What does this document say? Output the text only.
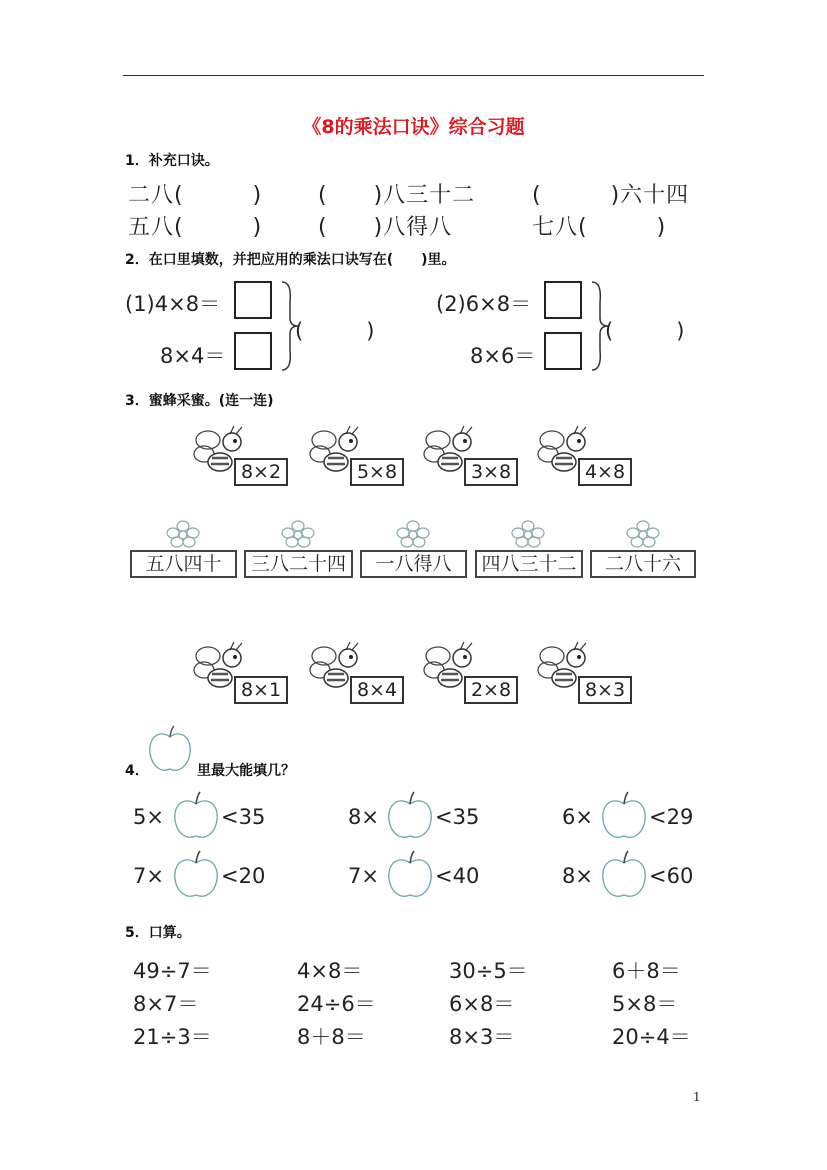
《8的乘法口诀》综合习题
1．补充口诀。
二八(　　　)	(　　)八三十二	(　　　)六十四
五八(　　　)	(　　)八得八	七八(　　　)
2．在口里填数，并把应用的乘法口诀写在(　　)里。
(1)4×8＝
8×4＝
(　　　)
(2)6×8＝
8×6＝
(　　　)
3．蜜蜂采蜜。(连一连)
8×2	5×8	3×8	4×8
五八四十	三八二十四	一八得八	四八三十二	二八十六
8×1	8×4	2×8	8×3
4．	里最大能填几？
5×	<35	8×	<35	6×	<29
7×	<20	7×	<40	8×	<60
5．口算。
49÷7＝	4×8＝	30÷5＝	6＋8＝
8×7＝	24÷6＝	6×8＝	5×8＝
21÷3＝	8＋8＝	8×3＝	20÷4＝
1
